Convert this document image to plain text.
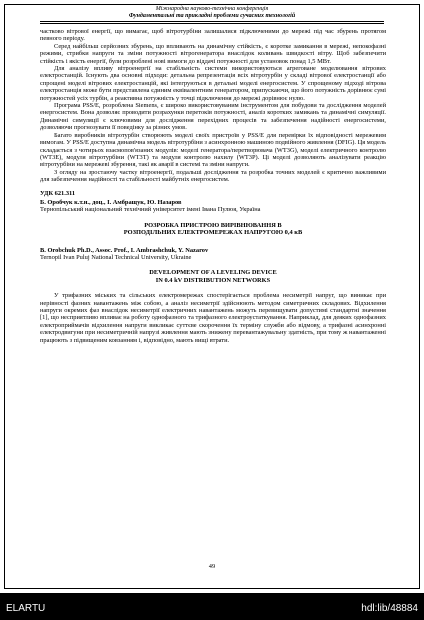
Міжнародна науково-технічна конференція
Фундаментальні та прикладні проблеми сучасних технологій

частково вітрової енергії, що вимагає, щоб вітротурбіни залишалися підключеними до мережі під час збурень протягом певного періоду.

Серед найбільш серйозних збурень, що впливають на динамічну стійкість, є коротке замикання в мережі, непокофазні режими, стрибки напруги та зміни потужності вітрогенератора внаслідок коливань швидкості вітру. Щоб забезпечити стійкість і якість енергії, були розроблені нові вимоги до віддачі потужності для установок понад 1,5 МВт.

Для аналізу впливу вітроенергії на стабільність системи використовуються агреговане моделювання вітрових електростанцій. Існують два основні підходи: детальна репрезентація всіх вітротурбін у складі вітрової електростанції або спрощені моделі вітрових електростанцій, які інтегруються в детальні моделі енергосистем. У спрощеному підході вітрова електростанція може бути представлена єдиним еквівалентним генератором, припускаючи, що його потужність дорівнює сумі потужностей усіх турбін, а реактивна потужність у точці підключення до мережі дорівнює нулю.

Програма PSS/E, розроблена Siemens, є широко використовуваним інструментом для побудови та дослідження моделей енергосистем. Вона дозволяє проводити розрахунки перетоків потужності, аналіз коротких замикань та динамічні симуляції. Динамічні симуляції є ключовими для дослідження перехідних процесів та забезпечення надійності енергосистеми, дозволяючи прогнозувати її поведінку за різних умов.

Багато виробників вітротурбін створюють моделі своїх пристроїв у PSS/E для перевірки їх відповідності мережевим вимогам. У PSS/E доступна динамічна модель вітротурбіни з асинхронною машиною подвійного живлення (DFIG). Ця модель складається з чотирьох взаємопов'язаних модулів: моделі генератора/перетворювача (WT3G), моделі електричного контролю (WT3E), модуля вітротурбіни (WT3T) та модуля контролю нахилу (WT3P). Ці моделі дозволяють аналізувати реакцію вітротурбіни на мережеві збурення, такі як аварії в системі та зміни напруги.

З огляду на зростаючу частку вітроенергії, подальші дослідження та розробка точних моделей є критично важливими для забезпечення надійності та стабільності майбутніх енергосистем.

УДК 621.311

Б. Оробчук к.т.н., доц., І. Амбращук, Ю. Назаров

Тернопільський національний технічний університет імені Івана Пулюя, Україна

РОЗРОБКА ПРИСТРОЮ ВИРІВНЮВАННЯ В

РОЗПОДІЛЬНИХ ЕЛЕКТРОМЕРЕЖАХ НАПРУГОЮ 0,4 кВ

B. Orobchuk Ph.D., Assoc. Prof., I. Ambrashchuk, Y. Nazarov

Ternopil Ivan Puluj National Technical University, Ukraine

DEVELOPMENT OF A LEVELING DEVICE

IN 0.4 kV DISTRIBUTION NETWORKS

У трифазних міських та сільських електромережах спостерігається проблема несиметрії напруг, що виникає при нерівності фазних навантажень між собою, а аналіз несиметрії здійснюють методом симетричних складових. Відхилення напруги окремих фаз внаслідок несиметрії електричних навантажень можуть перевищувати допустимі стандартні значення [1], що несприятливо впливає на роботу однофазного та трифазного електроустаткування. Наприклад, для деяких однофазних електроприймачів відхилення напруги викликає суттєве скорочення їх терміну служби або відмову, а трифазні асинхронні електродвигуни при несиметричній напрузі живлення мають знижену перевантажувальну здатність, при тому ж навантаженні працюють з підвищеним ковзанням і, відповідно, мають вищі втрати.

49
ELARTU	hdl:lib/48884
